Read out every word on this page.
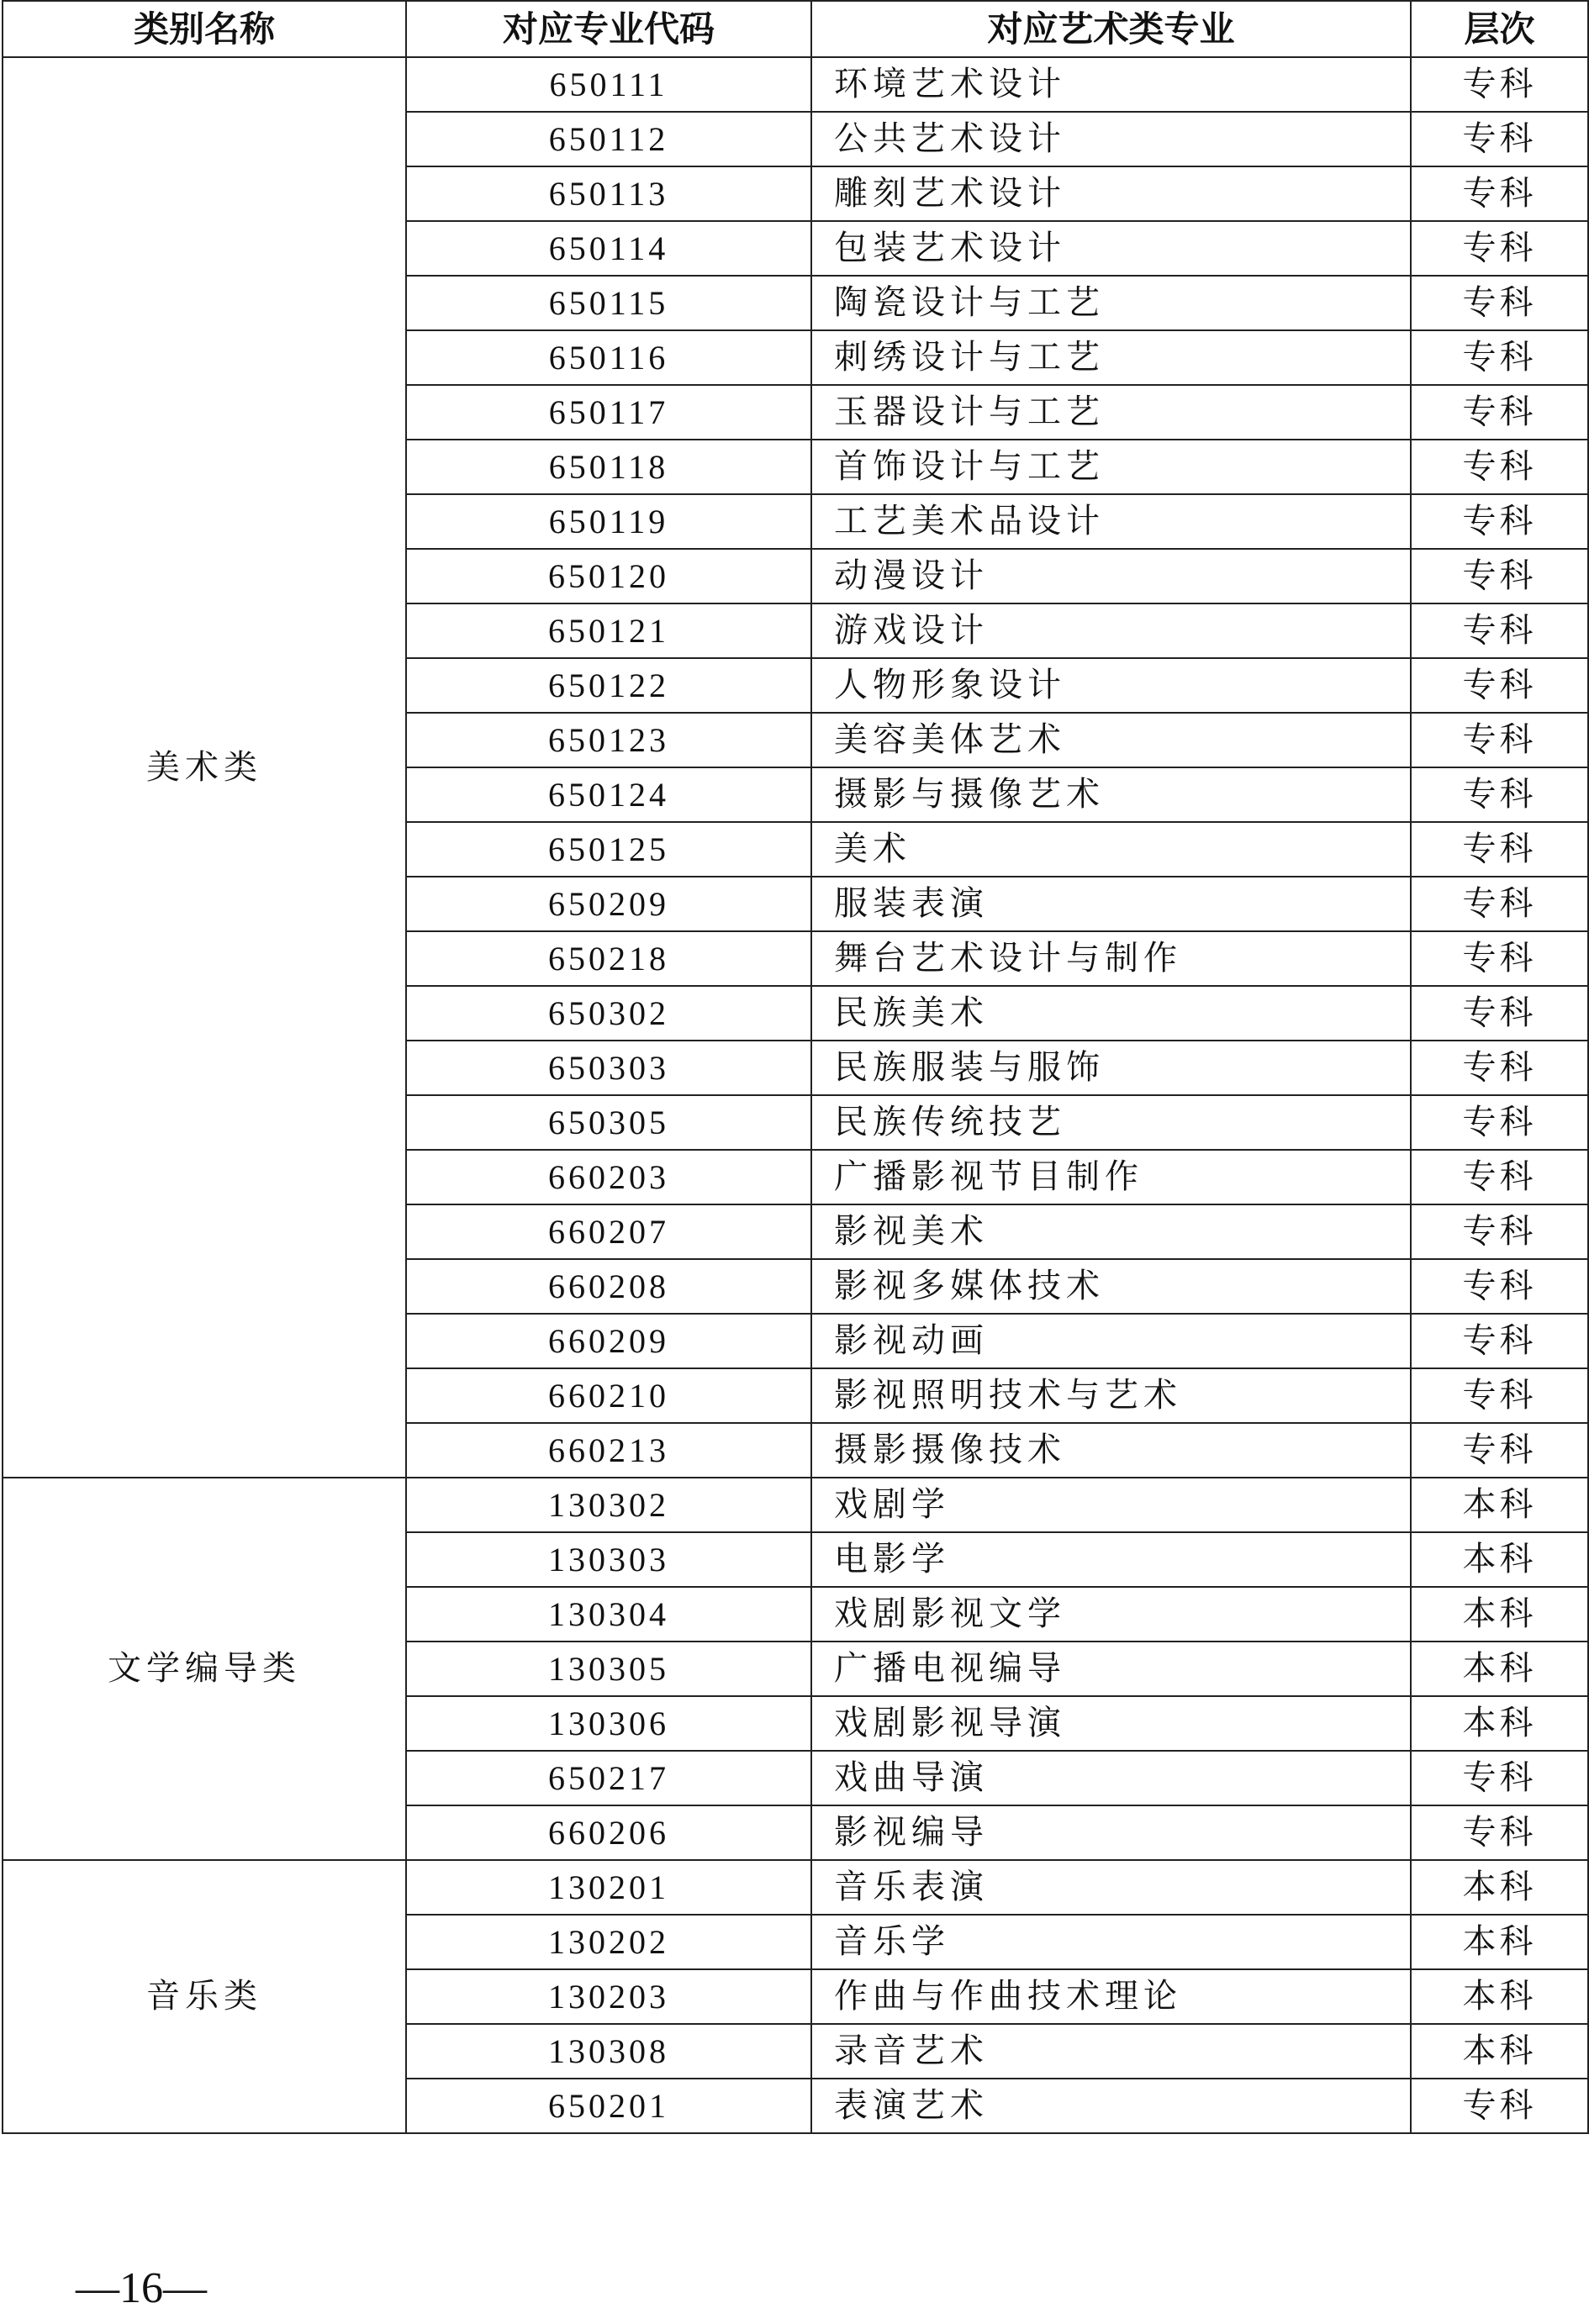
类别名称	对应专业代码	对应艺术类专业	层次
美术类	650111	环境艺术设计	专科
	650112	公共艺术设计	专科
	650113	雕刻艺术设计	专科
	650114	包装艺术设计	专科
	650115	陶瓷设计与工艺	专科
	650116	刺绣设计与工艺	专科
	650117	玉器设计与工艺	专科
	650118	首饰设计与工艺	专科
	650119	工艺美术品设计	专科
	650120	动漫设计	专科
	650121	游戏设计	专科
	650122	人物形象设计	专科
	650123	美容美体艺术	专科
	650124	摄影与摄像艺术	专科
	650125	美术	专科
	650209	服装表演	专科
	650218	舞台艺术设计与制作	专科
	650302	民族美术	专科
	650303	民族服装与服饰	专科
	650305	民族传统技艺	专科
	660203	广播影视节目制作	专科
	660207	影视美术	专科
	660208	影视多媒体技术	专科
	660209	影视动画	专科
	660210	影视照明技术与艺术	专科
	660213	摄影摄像技术	专科
文学编导类	130302	戏剧学	本科
	130303	电影学	本科
	130304	戏剧影视文学	本科
	130305	广播电视编导	本科
	130306	戏剧影视导演	本科
	650217	戏曲导演	专科
	660206	影视编导	专科
音乐类	130201	音乐表演	本科
	130202	音乐学	本科
	130203	作曲与作曲技术理论	本科
	130308	录音艺术	本科
	650201	表演艺术	专科
—16—
